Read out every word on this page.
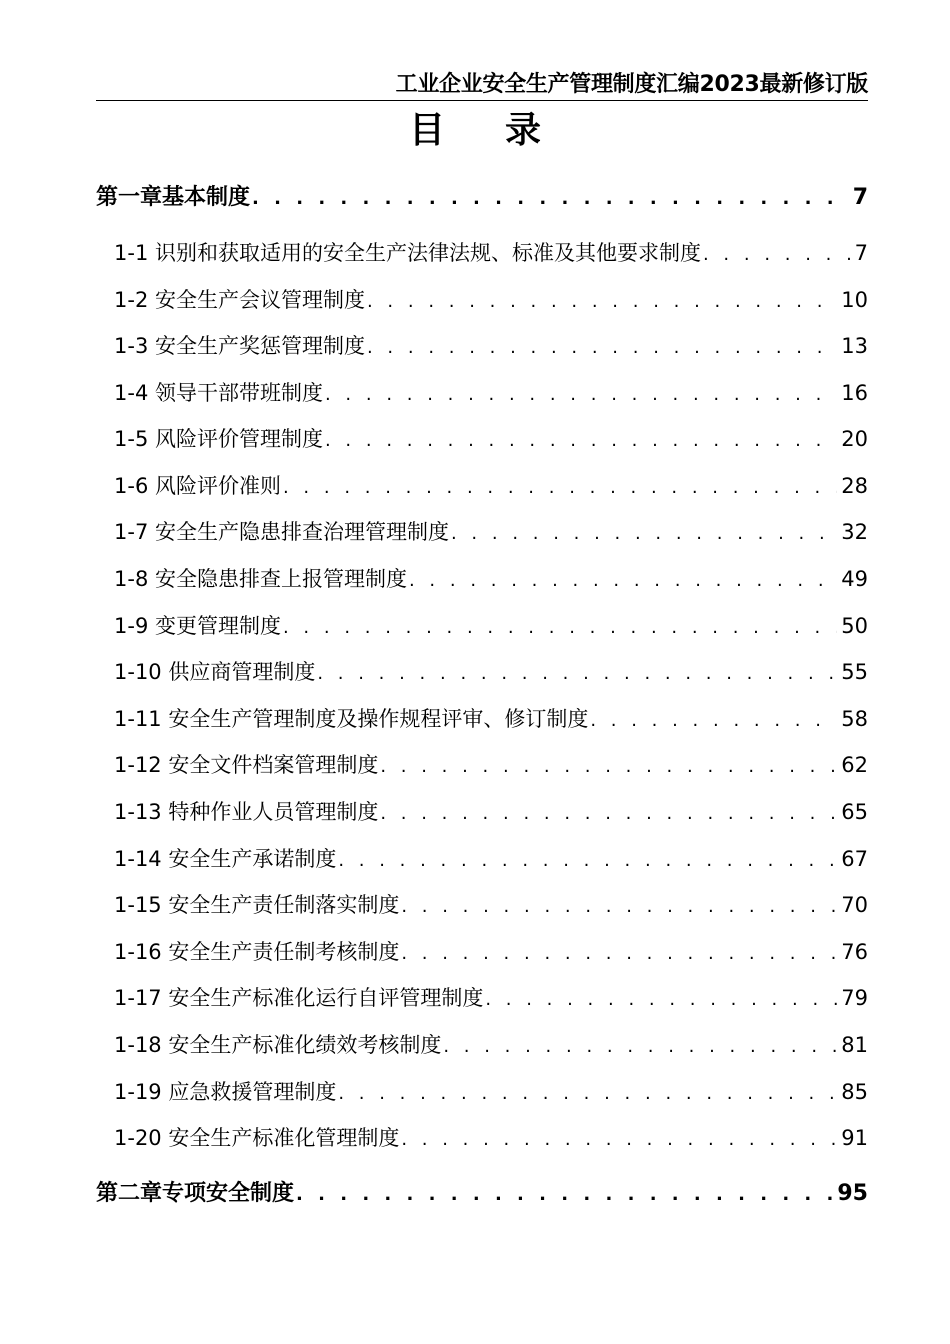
工业企业安全生产管理制度汇编2023最新修订版
目录
第一章基本制度 . . .	7
1-1 识别和获取适用的安全生产法律法规、标准及其他要求制度 . . .	7
1-2 安全生产会议管理制度 . . .	10
1-3 安全生产奖惩管理制度 . . .	13
1-4 领导干部带班制度 . . .	16
1-5 风险评价管理制度 . . .	20
1-6 风险评价准则 . . .	28
1-7 安全生产隐患排查治理管理制度 . . .	32
1-8 安全隐患排查上报管理制度 . . .	49
1-9 变更管理制度 . . .	50
1-10 供应商管理制度 . . .	55
1-11 安全生产管理制度及操作规程评审、修订制度 . . .	58
1-12 安全文件档案管理制度 . . .	62
1-13 特种作业人员管理制度 . . .	65
1-14 安全生产承诺制度 . . .	67
1-15 安全生产责任制落实制度 . . .	70
1-16 安全生产责任制考核制度 . . .	76
1-17 安全生产标准化运行自评管理制度 . . .	79
1-18 安全生产标准化绩效考核制度 . . .	81
1-19 应急救援管理制度 . . .	85
1-20 安全生产标准化管理制度 . . .	91
第二章专项安全制度 . . .	95
